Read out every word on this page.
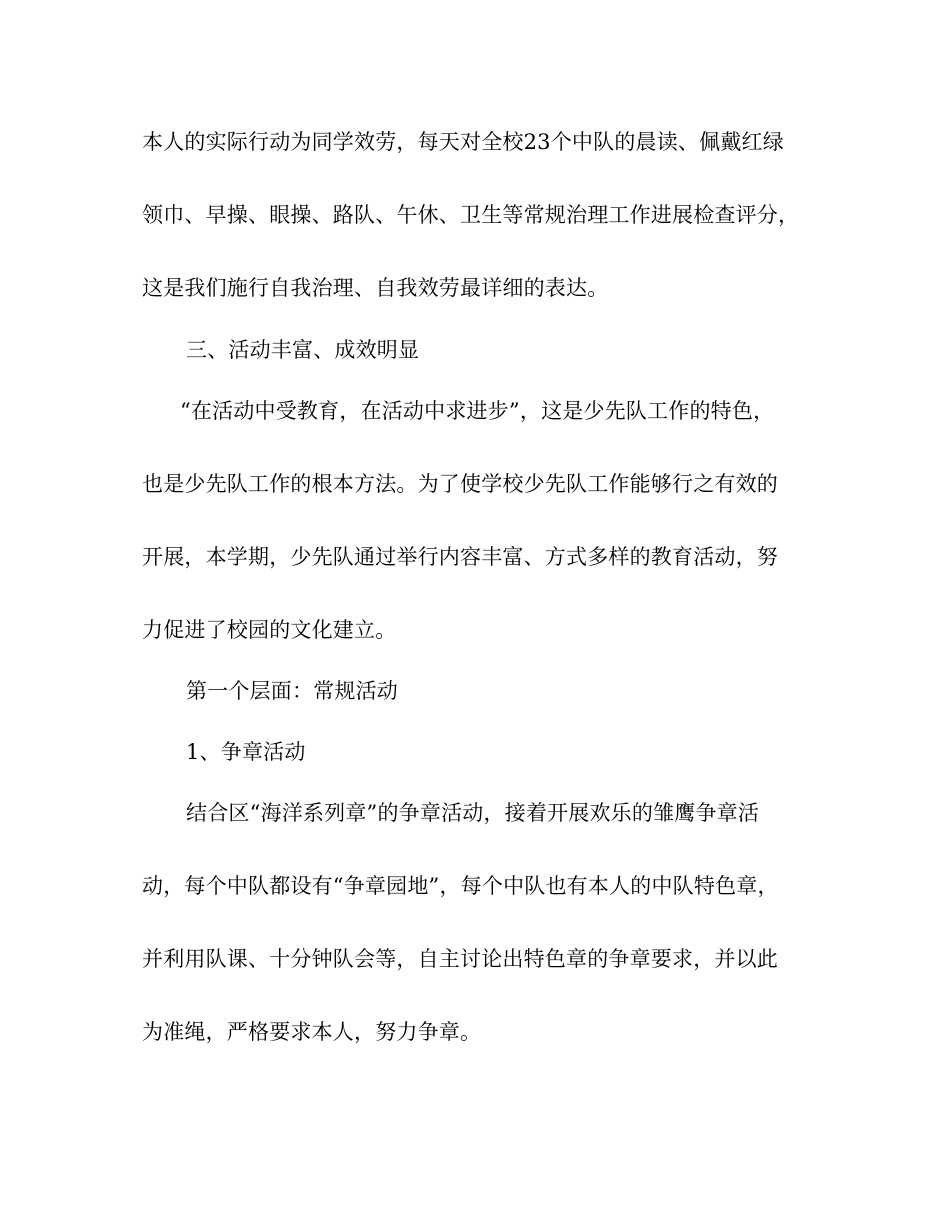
本人的实际行动为同学效劳，每天对全校23个中队的晨读、佩戴红绿
领巾、早操、眼操、路队、午休、卫生等常规治理工作进展检查评分，
这是我们施行自我治理、自我效劳最详细的表达。
三、活动丰富、成效明显
“在活动中受教育，在活动中求进步”，这是少先队工作的特色，
也是少先队工作的根本方法。为了使学校少先队工作能够行之有效的
开展，本学期，少先队通过举行内容丰富、方式多样的教育活动，努
力促进了校园的文化建立。
第一个层面：常规活动
1、争章活动
结合区“海洋系列章”的争章活动，接着开展欢乐的雏鹰争章活
动，每个中队都设有“争章园地”，每个中队也有本人的中队特色章，
并利用队课、十分钟队会等，自主讨论出特色章的争章要求，并以此
为准绳，严格要求本人，努力争章。
